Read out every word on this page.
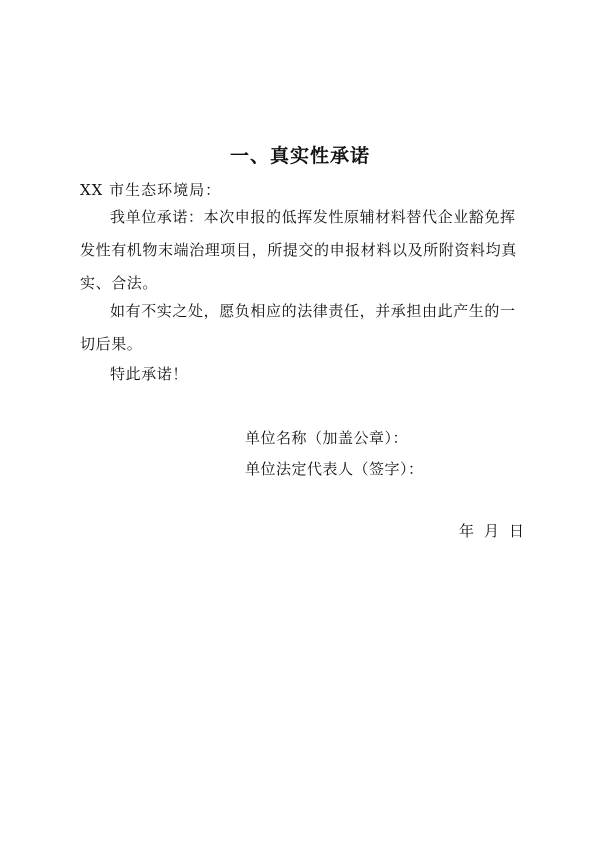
一、真实性承诺
XX 市生态环境局：
我单位承诺：本次申报的低挥发性原辅材料替代企业豁免挥发性有机物末端治理项目，所提交的申报材料以及所附资料均真实、合法。
如有不实之处，愿负相应的法律责任，并承担由此产生的一切后果。
特此承诺！
单位名称（加盖公章）：
单位法定代表人（签字）：
年 月 日
